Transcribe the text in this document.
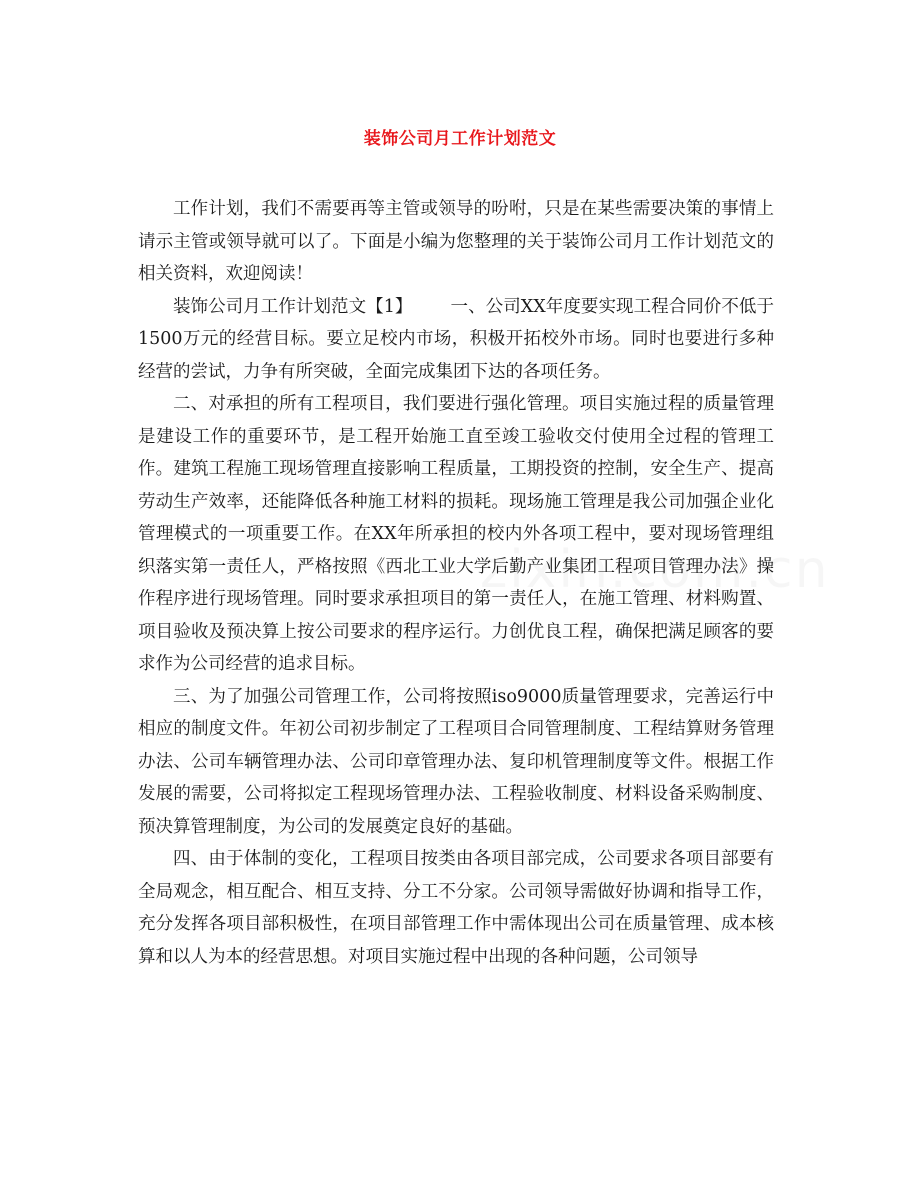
装饰公司月工作计划范文

工作计划，我们不需要再等主管或领导的吩咐，只是在某些需要决策的事情上请示主管或领导就可以了。下面是小编为您整理的关于装饰公司月工作计划范文的相关资料，欢迎阅读！

装饰公司月工作计划范文【1】 一、公司XX年度要实现工程合同价不低于1500万元的经营目标。要立足校内市场，积极开拓校外市场。同时也要进行多种经营的尝试，力争有所突破，全面完成集团下达的各项任务。

二、对承担的所有工程项目，我们要进行强化管理。项目实施过程的质量管理是建设工作的重要环节，是工程开始施工直至竣工验收交付使用全过程的管理工作。建筑工程施工现场管理直接影响工程质量，工期投资的控制，安全生产、提高劳动生产效率，还能降低各种施工材料的损耗。现场施工管理是我公司加强企业化管理模式的一项重要工作。在XX年所承担的校内外各项工程中，要对现场管理组织落实第一责任人，严格按照《西北工业大学后勤产业集团工程项目管理办法》操作程序进行现场管理。同时要求承担项目的第一责任人，在施工管理、材料购置、项目验收及预决算上按公司要求的程序运行。力创优良工程，确保把满足顾客的要求作为公司经营的追求目标。

三、为了加强公司管理工作，公司将按照iso9000质量管理要求，完善运行中相应的制度文件。年初公司初步制定了工程项目合同管理制度、工程结算财务管理办法、公司车辆管理办法、公司印章管理办法、复印机管理制度等文件。根据工作发展的需要，公司将拟定工程现场管理办法、工程验收制度、材料设备采购制度、预决算管理制度，为公司的发展奠定良好的基础。

四、由于体制的变化，工程项目按类由各项目部完成，公司要求各项目部要有全局观念，相互配合、相互支持、分工不分家。公司领导需做好协调和指导工作，充分发挥各项目部积极性，在项目部管理工作中需体现出公司在质量管理、成本核算和以人为本的经营思想。对项目实施过程中出现的各种问题，公司领导
